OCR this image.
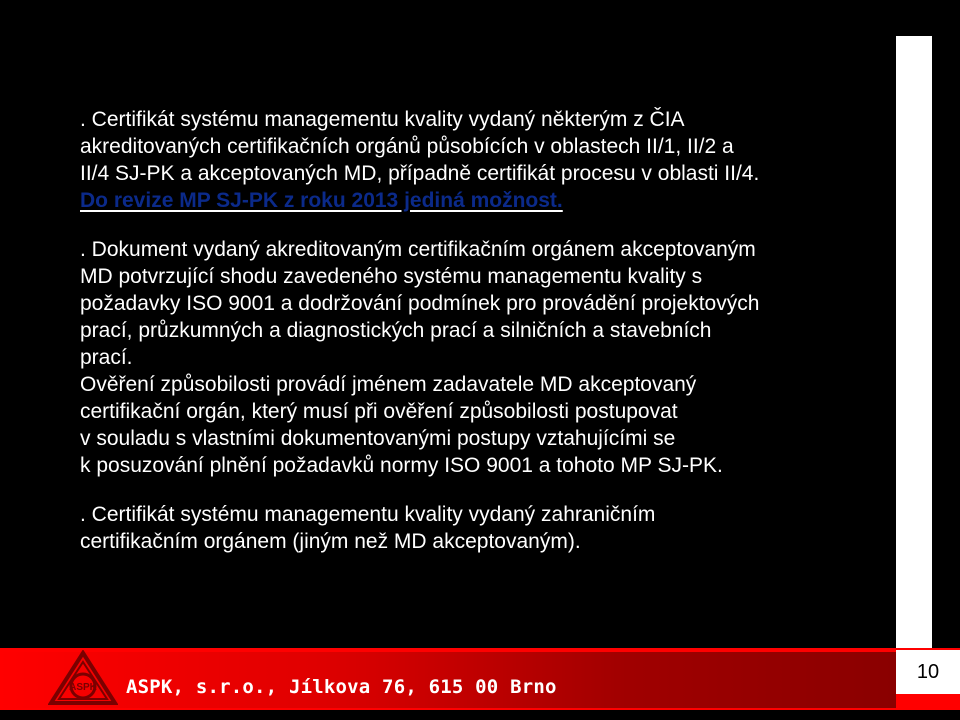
. Certifikát systému managementu kvality vydaný některým z ČIA
akreditovaných certifikačních orgánů působících v oblastech II/1, II/2 a
II/4 SJ-PK a akceptovaných MD, případně certifikát procesu v oblasti II/4.
Do revize MP SJ-PK z roku 2013 jediná možnost.
. Dokument vydaný akreditovaným certifikačním orgánem akceptovaným
MD potvrzující shodu zavedeného systému managementu kvality s
požadavky ISO 9001 a dodržování podmínek pro provádění projektových
prací, průzkumných a diagnostických prací a silničních a stavebních
prací.
Ověření způsobilosti provádí jménem zadavatele MD akceptovaný
certifikační orgán, který musí při ověření způsobilosti postupovat
v souladu s vlastními dokumentovanými postupy vztahujícími se
k posuzování plnění požadavků normy ISO 9001 a tohoto MP SJ-PK.
. Certifikát systému managementu kvality vydaný zahraničním
certifikačním orgánem (jiným než MD akceptovaným).
ASPK ASPK, s.r.o., Jílkova 76, 615 00 Brno
10
